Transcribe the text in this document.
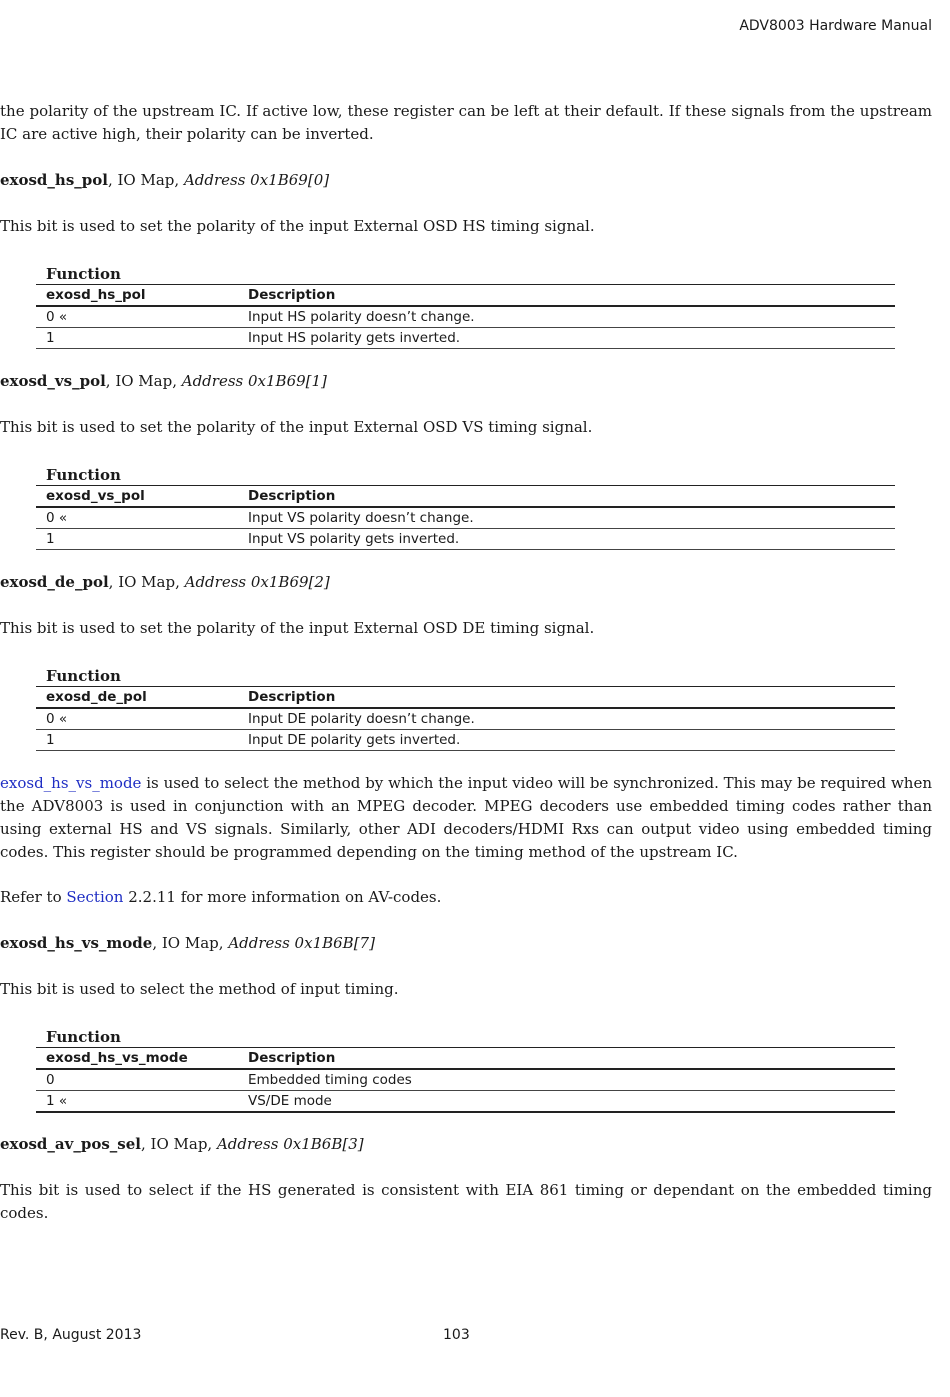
ADV8003 Hardware Manual

the polarity of the upstream IC. If active low, these register can be left at their default. If these signals from the upstream IC are active high, their polarity can be inverted.

exosd_hs_pol, IO Map, Address 0x1B69[0]

This bit is used to set the polarity of the input External OSD HS timing signal.

Function
exosd_hs_pol	Description
0 «	Input HS polarity doesn’t change.
1	Input HS polarity gets inverted.

exosd_vs_pol, IO Map, Address 0x1B69[1]

This bit is used to set the polarity of the input External OSD VS timing signal.

Function
exosd_vs_pol	Description
0 «	Input VS polarity doesn’t change.
1	Input VS polarity gets inverted.

exosd_de_pol, IO Map, Address 0x1B69[2]

This bit is used to set the polarity of the input External OSD DE timing signal.

Function
exosd_de_pol	Description
0 «	Input DE polarity doesn’t change.
1	Input DE polarity gets inverted.

exosd_hs_vs_mode is used to select the method by which the input video will be synchronized. This may be required when the ADV8003 is used in conjunction with an MPEG decoder. MPEG decoders use embedded timing codes rather than using external HS and VS signals. Similarly, other ADI decoders/HDMI Rxs can output video using embedded timing codes. This register should be programmed depending on the timing method of the upstream IC.

Refer to Section 2.2.11 for more information on AV-codes.

exosd_hs_vs_mode, IO Map, Address 0x1B6B[7]

This bit is used to select the method of input timing.

Function
exosd_hs_vs_mode	Description
0	Embedded timing codes
1 «	VS/DE mode

exosd_av_pos_sel, IO Map, Address 0x1B6B[3]

This bit is used to select if the HS generated is consistent with EIA 861 timing or dependant on the embedded timing codes.

Rev. B, August 2013	103
